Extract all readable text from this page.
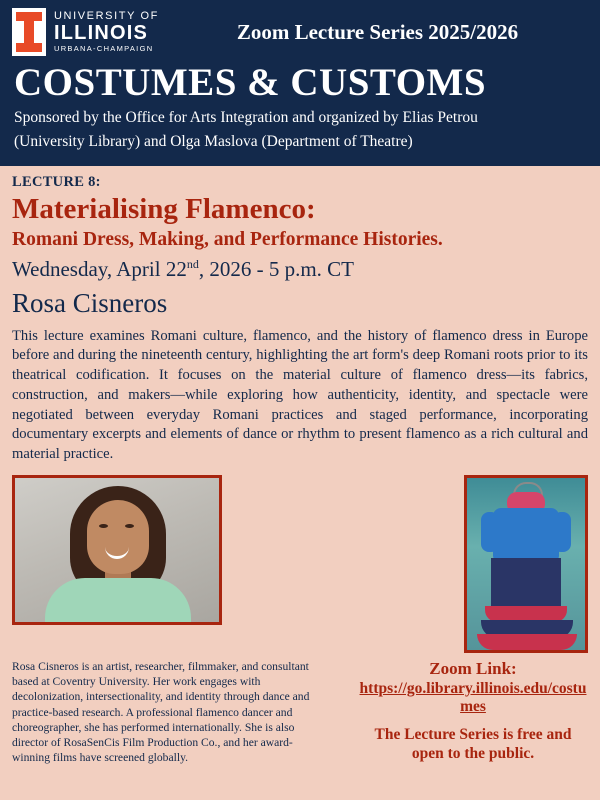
UNIVERSITY OF
ILLINOIS
URBANA-CHAMPAIGN
Zoom Lecture Series 2025/2026
COSTUMES & CUSTOMS
Sponsored by the Office for Arts Integration and organized by Elias Petrou
(University Library) and Olga Maslova (Department of Theatre)
LECTURE 8:
Materialising Flamenco:
Romani Dress, Making, and Performance Histories.
Wednesday, April 22nd, 2026 - 5 p.m. CT
Rosa Cisneros
This lecture examines Romani culture, flamenco, and the history of flamenco dress in Europe before and during the nineteenth century, highlighting the art form's deep Romani roots prior to its theatrical codification. It focuses on the material culture of flamenco dress—its fabrics, construction, and makers—while exploring how authenticity, identity, and spectacle were negotiated between everyday Romani practices and staged performance, incorporating documentary excerpts and elements of dance or rhythm to present flamenco as a rich cultural and material practice.
Rosa Cisneros is an artist, researcher, filmmaker, and consultant based at Coventry University. Her work engages with decolonization, intersectionality, and identity through dance and practice-based research. A professional flamenco dancer and choreographer, she has performed internationally. She is also director of RosaSenCis Film Production Co., and her award-winning films have screened globally.
Zoom Link:
https://go.library.illinois.edu/costumes
The Lecture Series is free and open to the public.
